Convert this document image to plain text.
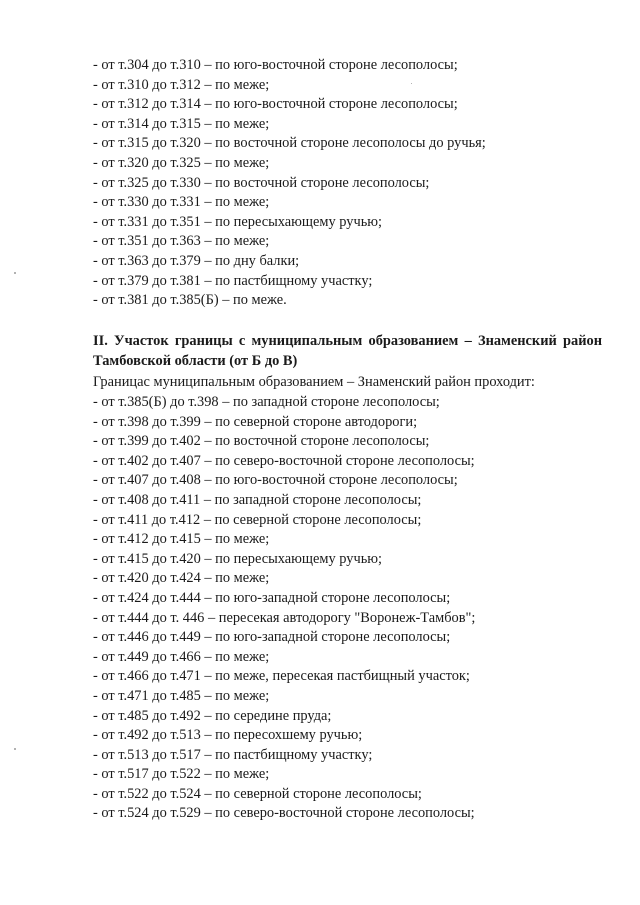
- от т.304 до т.310 – по юго-восточной стороне лесополосы;
- от т.310 до т.312 – по меже;
- от т.312 до т.314 – по юго-восточной стороне лесополосы;
- от т.314 до т.315 – по меже;
- от т.315 до т.320 – по восточной стороне лесополосы до ручья;
- от т.320 до т.325 – по меже;
- от т.325 до т.330 – по восточной стороне лесополосы;
- от т.330 до т.331 – по меже;
- от т.331 до т.351 – по пересыхающему ручью;
- от т.351 до т.363 – по меже;
- от т.363 до т.379 – по дну балки;
- от т.379 до т.381 – по пастбищному участку;
- от т.381 до т.385(Б) – по меже.

II. Участок границы с муниципальным образованием – Знаменский район Тамбовской области (от Б до В)

Границас муниципальным образованием – Знаменский район проходит:

- от т.385(Б) до т.398 – по западной стороне лесополосы;
- от т.398 до т.399 – по северной стороне автодороги;
- от т.399 до т.402 – по восточной стороне лесополосы;
- от т.402 до т.407 – по северо-восточной стороне лесополосы;
- от т.407 до т.408 – по юго-восточной стороне лесополосы;
- от т.408 до т.411 – по западной стороне лесополосы;
- от т.411 до т.412 – по северной стороне лесополосы;
- от т.412 до т.415 – по меже;
- от т.415 до т.420 – по пересыхающему ручью;
- от т.420 до т.424 – по меже;
- от т.424 до т.444 – по юго-западной стороне лесополосы;
- от т.444 до т. 446 – пересекая автодорогу "Воронеж-Тамбов";
- от т.446 до т.449 – по юго-западной стороне лесополосы;
- от т.449 до т.466 – по меже;
- от т.466 до т.471 – по меже, пересекая пастбищный участок;
- от т.471 до т.485 – по меже;
- от т.485 до т.492 – по середине пруда;
- от т.492 до т.513 – по пересохшему ручью;
- от т.513 до т.517 – по пастбищному участку;
- от т.517 до т.522 – по меже;
- от т.522 до т.524 – по северной стороне лесополосы;
- от т.524 до т.529 – по северо-восточной стороне лесополосы;
